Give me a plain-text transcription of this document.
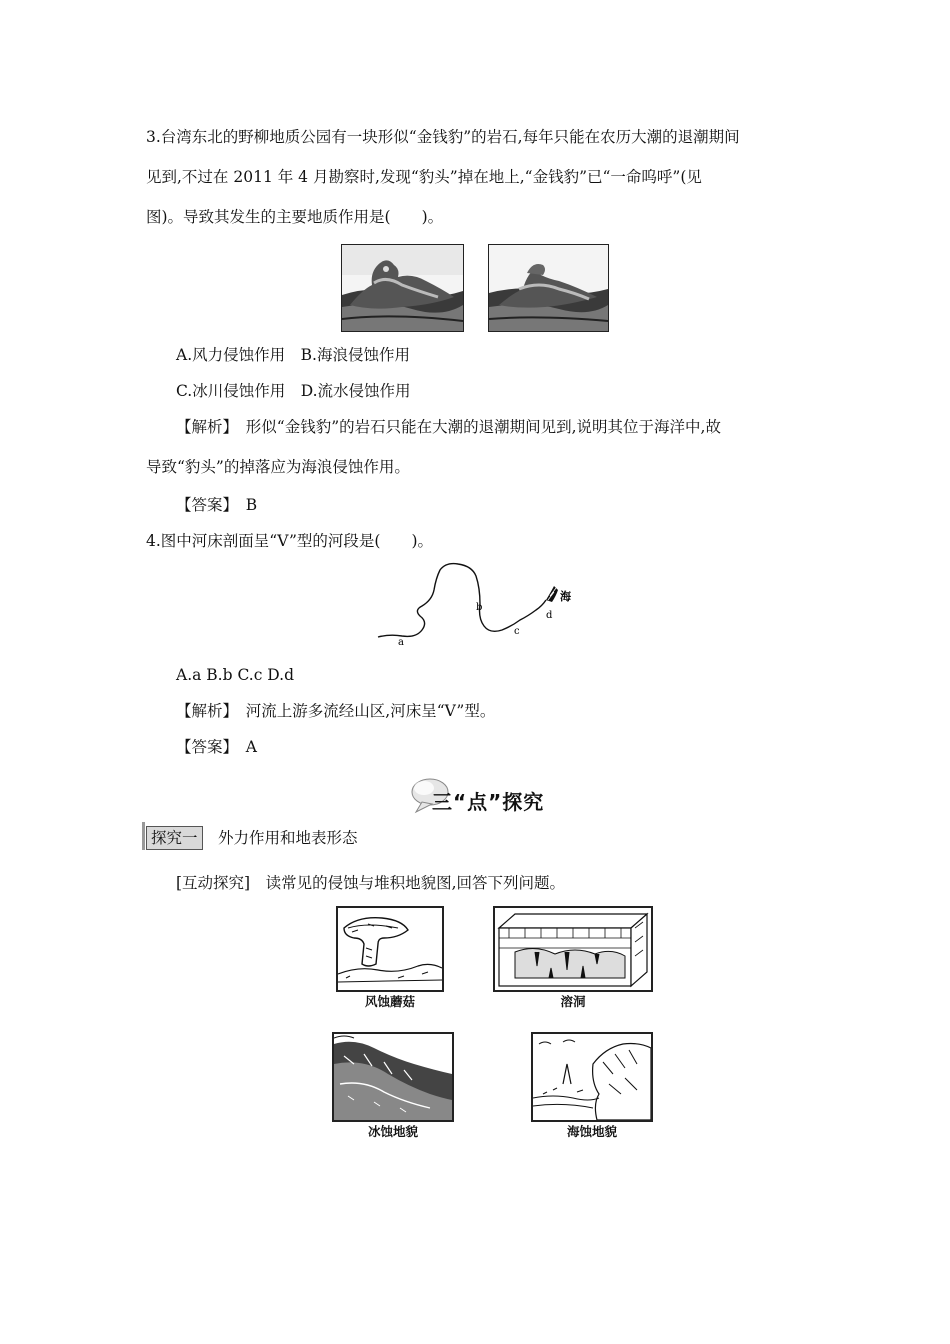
3.台湾东北的野柳地质公园有一块形似“金钱豹”的岩石,每年只能在农历大潮的退潮期间
见到,不过在 2011 年 4 月勘察时,发现“豹头”掉在地上,“金钱豹”已“一命呜呼”(见
图)。导致其发生的主要地质作用是(　　)。
A.风力侵蚀作用　B.海浪侵蚀作用
C.冰川侵蚀作用　D.流水侵蚀作用
【解析】　 形似“金钱豹”的岩石只能在大潮的退潮期间见到,说明其位于海洋中,故
导致“豹头”的掉落应为海浪侵蚀作用。
【答案】　 B
4.图中河床剖面呈“V”型的河段是(　　)。
a
b
c
d
海
A.a B.b C.c D.d
【解析】　 河流上游多流经山区,河床呈“V”型。
【答案】　 A
三“点”探究
探究一	外力作用和地表形态
[互动探究]　 读常见的侵蚀与堆积地貌图,回答下列问题。
风蚀蘑菇	溶洞
冰蚀地貌	海蚀地貌
